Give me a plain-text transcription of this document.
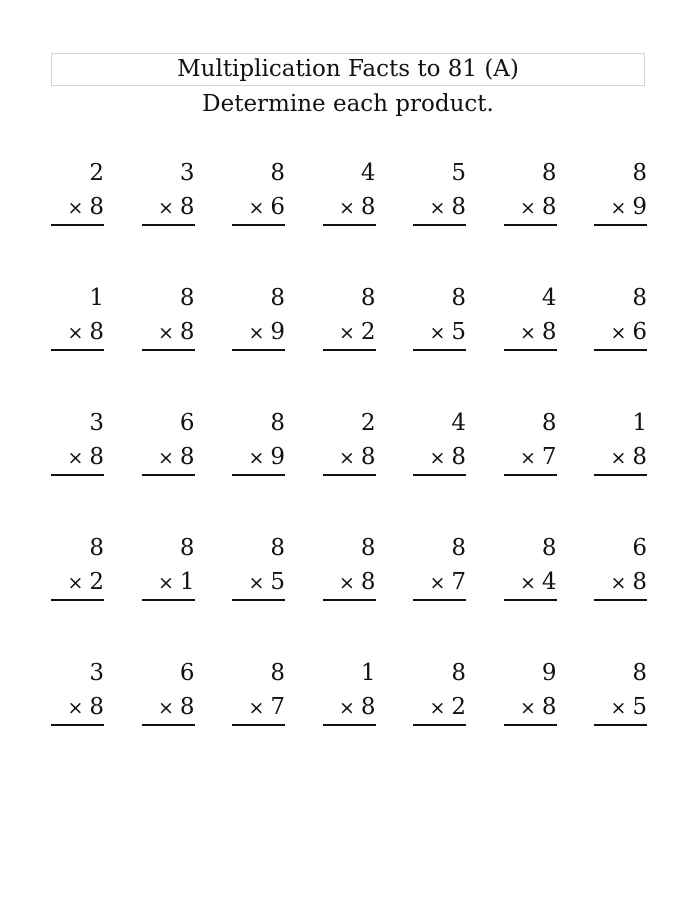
Multiplication Facts to 81 (A)
Determine each product.
2
× 8
3
× 8
8
× 6
4
× 8
5
× 8
8
× 8
8
× 9
1
× 8
8
× 8
8
× 9
8
× 2
8
× 5
4
× 8
8
× 6
3
× 8
6
× 8
8
× 9
2
× 8
4
× 8
8
× 7
1
× 8
8
× 2
8
× 1
8
× 5
8
× 8
8
× 7
8
× 4
6
× 8
3
× 8
6
× 8
8
× 7
1
× 8
8
× 2
9
× 8
8
× 5
